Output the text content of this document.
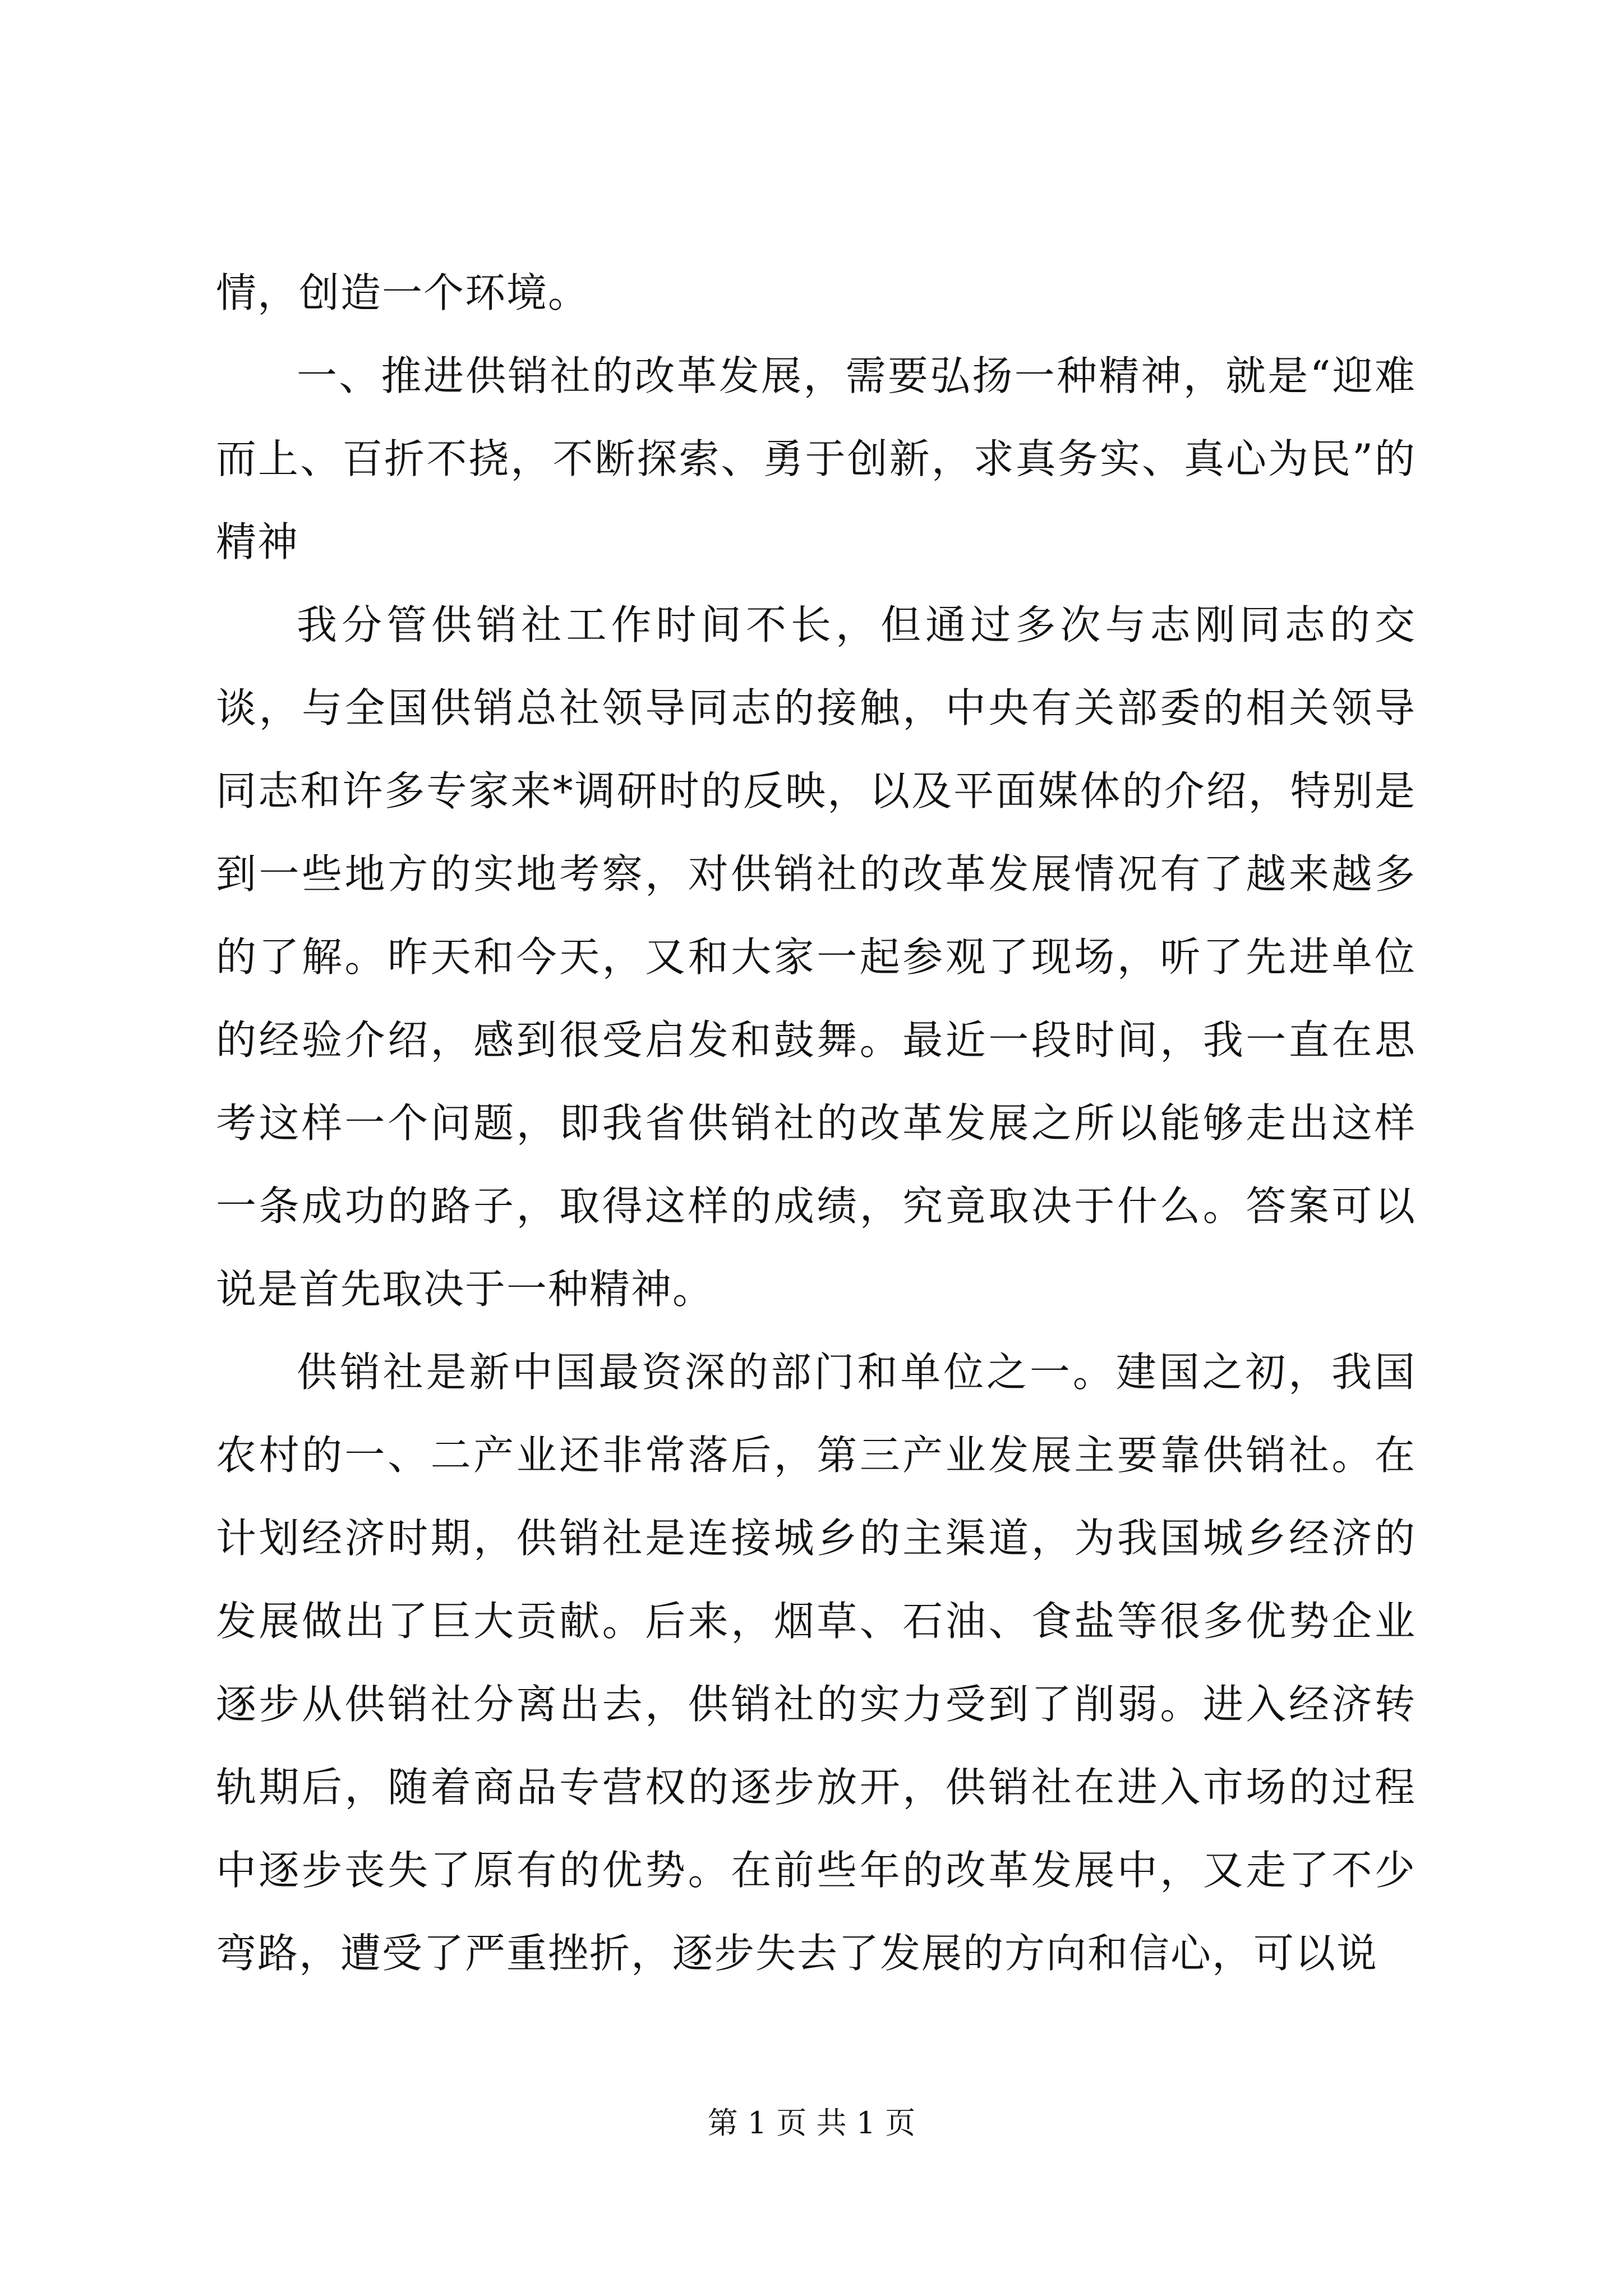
情，创造一个环境。

一、推进供销社的改革发展，需要弘扬一种精神，就是“迎难而上、百折不挠，不断探索、勇于创新，求真务实、真心为民”的精神

我分管供销社工作时间不长，但通过多次与志刚同志的交谈，与全国供销总社领导同志的接触，中央有关部委的相关领导同志和许多专家来*调研时的反映，以及平面媒体的介绍，特别是到一些地方的实地考察，对供销社的改革发展情况有了越来越多的了解。昨天和今天，又和大家一起参观了现场，听了先进单位的经验介绍，感到很受启发和鼓舞。最近一段时间，我一直在思考这样一个问题，即我省供销社的改革发展之所以能够走出这样一条成功的路子，取得这样的成绩，究竟取决于什么。答案可以说是首先取决于一种精神。

供销社是新中国最资深的部门和单位之一。建国之初，我国农村的一、二产业还非常落后，第三产业发展主要靠供销社。在计划经济时期，供销社是连接城乡的主渠道，为我国城乡经济的发展做出了巨大贡献。后来，烟草、石油、食盐等很多优势企业逐步从供销社分离出去，供销社的实力受到了削弱。进入经济转轨期后，随着商品专营权的逐步放开，供销社在进入市场的过程中逐步丧失了原有的优势。在前些年的改革发展中，又走了不少弯路，遭受了严重挫折，逐步失去了发展的方向和信心，可以说

第 1 页 共 1 页
